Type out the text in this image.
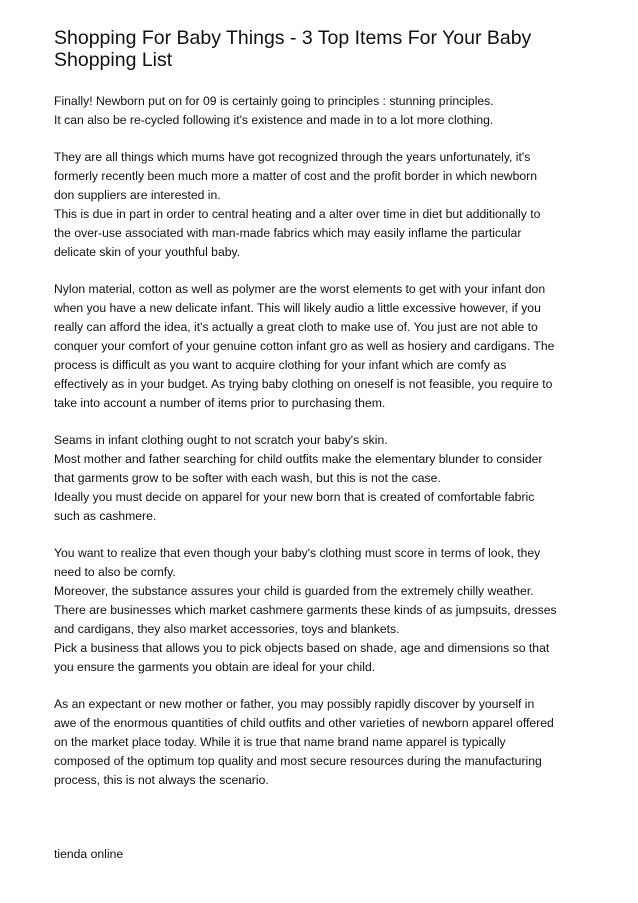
Shopping For Baby Things - 3 Top Items For Your Baby
Shopping List
Finally! Newborn put on for 09 is certainly going to principles : stunning principles.
It can also be re-cycled following it's existence and made in to a lot more clothing.
They are all things which mums have got recognized through the years unfortunately, it's
formerly recently been much more a matter of cost and the profit border in which newborn
don suppliers are interested in.
This is due in part in order to central heating and a alter over time in diet but additionally to
the over-use associated with man-made fabrics which may easily inflame the particular
delicate skin of your youthful baby.
Nylon material, cotton as well as polymer are the worst elements to get with your infant don
when you have a new delicate infant. This will likely audio a little excessive however, if you
really can afford the idea, it's actually a great cloth to make use of. You just are not able to
conquer your comfort of your genuine cotton infant gro as well as hosiery and cardigans. The
process is difficult as you want to acquire clothing for your infant which are comfy as
effectively as in your budget. As trying baby clothing on oneself is not feasible, you require to
take into account a number of items prior to purchasing them.
Seams in infant clothing ought to not scratch your baby's skin.
Most mother and father searching for child outfits make the elementary blunder to consider
that garments grow to be softer with each wash, but this is not the case.
Ideally you must decide on apparel for your new born that is created of comfortable fabric
such as cashmere.
You want to realize that even though your baby's clothing must score in terms of look, they
need to also be comfy.
Moreover, the substance assures your child is guarded from the extremely chilly weather.
There are businesses which market cashmere garments these kinds of as jumpsuits, dresses
and cardigans, they also market accessories, toys and blankets.
Pick a business that allows you to pick objects based on shade, age and dimensions so that
you ensure the garments you obtain are ideal for your child.
As an expectant or new mother or father, you may possibly rapidly discover by yourself in
awe of the enormous quantities of child outfits and other varieties of newborn apparel offered
on the market place today. While it is true that name brand name apparel is typically
composed of the optimum top quality and most secure resources during the manufacturing
process, this is not always the scenario.
tienda online
